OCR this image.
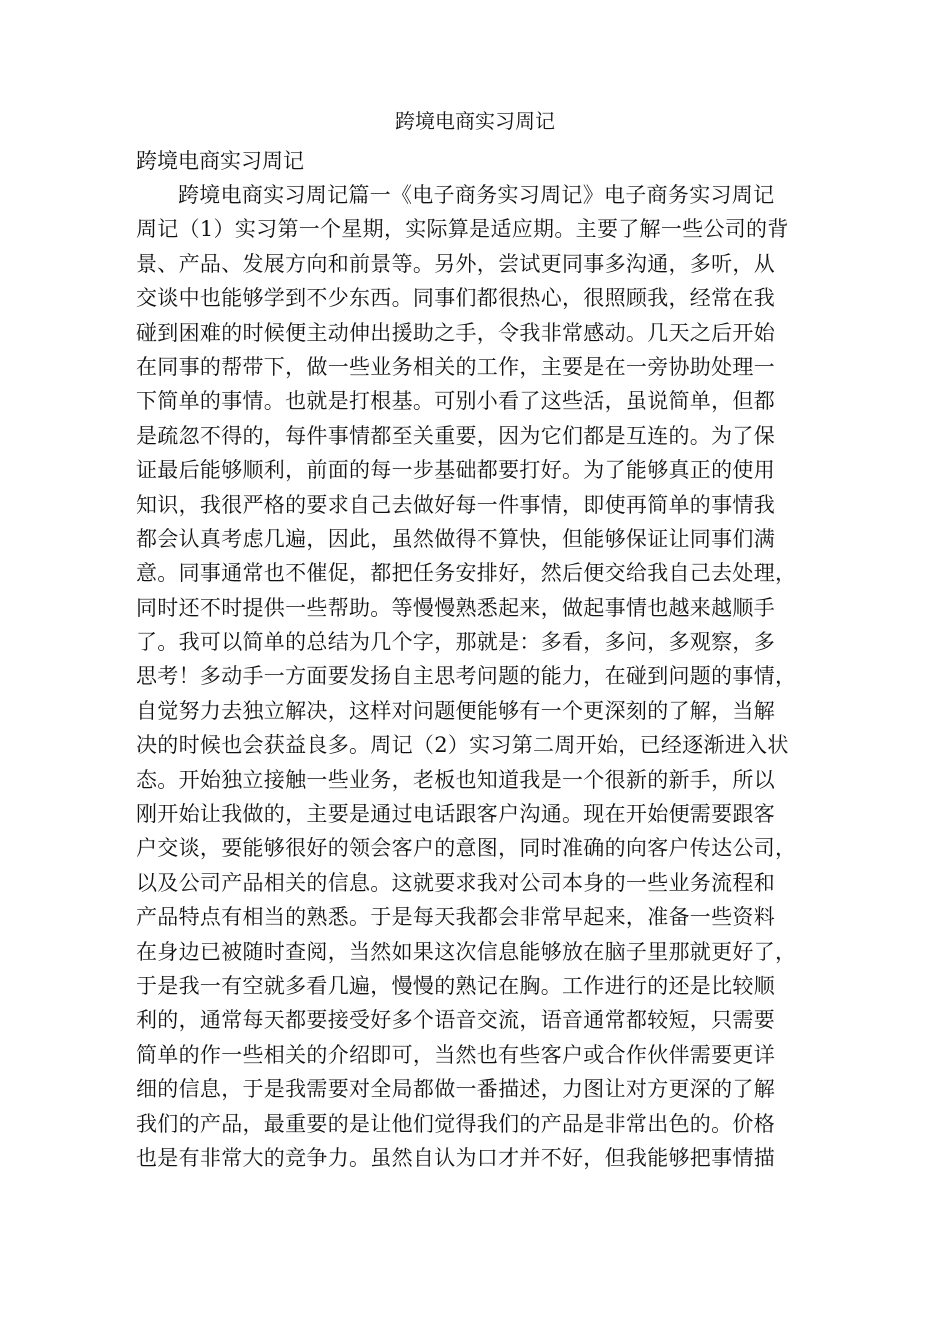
跨境电商实习周记

跨境电商实习周记

跨境电商实习周记篇一《电子商务实习周记》电子商务实习周记
周记（1）实习第一个星期，实际算是适应期。主要了解一些公司的背
景、产品、发展方向和前景等。另外，尝试更同事多沟通，多听，从
交谈中也能够学到不少东西。同事们都很热心，很照顾我，经常在我
碰到困难的时候便主动伸出援助之手，令我非常感动。几天之后开始
在同事的帮带下，做一些业务相关的工作，主要是在一旁协助处理一
下简单的事情。也就是打根基。可别小看了这些活，虽说简单，但都
是疏忽不得的，每件事情都至关重要，因为它们都是互连的。为了保
证最后能够顺利，前面的每一步基础都要打好。为了能够真正的使用
知识，我很严格的要求自己去做好每一件事情，即使再简单的事情我
都会认真考虑几遍，因此，虽然做得不算快，但能够保证让同事们满
意。同事通常也不催促，都把任务安排好，然后便交给我自己去处理，
同时还不时提供一些帮助。等慢慢熟悉起来，做起事情也越来越顺手
了。我可以简单的总结为几个字，那就是：多看，多问，多观察，多
思考！多动手一方面要发扬自主思考问题的能力，在碰到问题的事情，
自觉努力去独立解决，这样对问题便能够有一个更深刻的了解，当解
决的时候也会获益良多。周记（2）实习第二周开始，已经逐渐进入状
态。开始独立接触一些业务，老板也知道我是一个很新的新手，所以
刚开始让我做的，主要是通过电话跟客户沟通。现在开始便需要跟客
户交谈，要能够很好的领会客户的意图，同时准确的向客户传达公司，
以及公司产品相关的信息。这就要求我对公司本身的一些业务流程和
产品特点有相当的熟悉。于是每天我都会非常早起来，准备一些资料
在身边已被随时查阅，当然如果这次信息能够放在脑子里那就更好了，
于是我一有空就多看几遍，慢慢的熟记在胸。工作进行的还是比较顺
利的，通常每天都要接受好多个语音交流，语音通常都较短，只需要
简单的作一些相关的介绍即可，当然也有些客户或合作伙伴需要更详
细的信息，于是我需要对全局都做一番描述，力图让对方更深的了解
我们的产品，最重要的是让他们觉得我们的产品是非常出色的。价格
也是有非常大的竞争力。虽然自认为口才并不好，但我能够把事情描
